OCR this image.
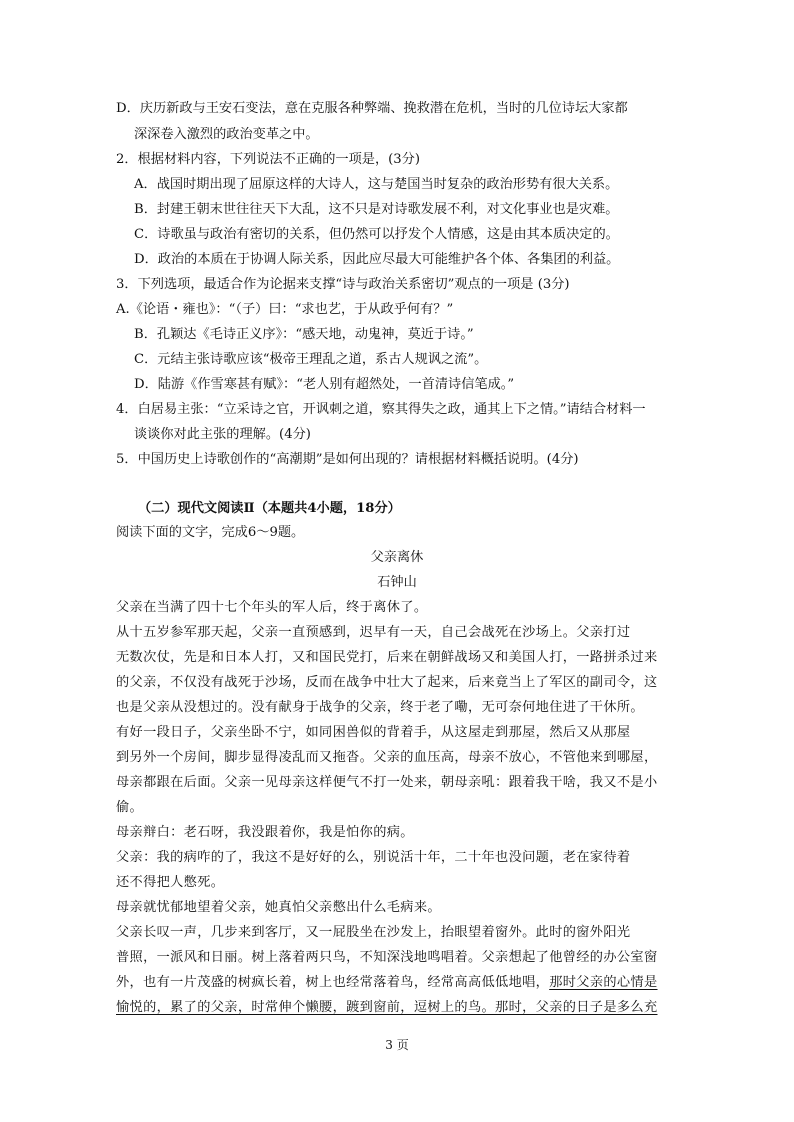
D．庆历新政与王安石变法，意在克服各种弊端、挽救潜在危机，当时的几位诗坛大家都
深深卷入激烈的政治变革之中。
2．根据材料内容，下列说法不正确的一项是，(3分)
A．战国时期出现了屈原这样的大诗人，这与楚国当时复杂的政治形势有很大关系。
B．封建王朝末世往往天下大乱，这不只是对诗歌发展不利，对文化事业也是灾难。
C．诗歌虽与政治有密切的关系，但仍然可以抒发个人情感，这是由其本质决定的。
D．政治的本质在于协调人际关系，因此应尽最大可能维护各个体、各集团的利益。
3．下列选项，最适合作为论据来支撑“诗与政治关系密切”观点的一项是 (3分)
A.《论语・雍也》：“（子）曰：“求也艺，于从政乎何有？”
B．孔颖达《毛诗正义序》：“感天地，动鬼神，莫近于诗。”
C．元结主张诗歌应该“极帝王理乱之道，系古人规讽之流”。
D．陆游《作雪寒甚有赋》：“老人别有超然处，一首清诗信笔成。”
4．白居易主张：“立采诗之官，开讽刺之道，察其得失之政，通其上下之情。”请结合材料一
谈谈你对此主张的理解。(4分)
5．中国历史上诗歌创作的“高潮期”是如何出现的？请根据材料概括说明。(4分)
（二）现代文阅读Ⅱ（本题共4小题，18分）
阅读下面的文字，完成6～9题。
父亲离休
石钟山
父亲在当满了四十七个年头的军人后，终于离休了。
从十五岁参军那天起，父亲一直预感到，迟早有一天，自己会战死在沙场上。父亲打过
无数次仗，先是和日本人打，又和国民党打，后来在朝鲜战场又和美国人打，一路拼杀过来
的父亲，不仅没有战死于沙场，反而在战争中壮大了起来，后来竟当上了军区的副司令，这
也是父亲从没想过的。没有献身于战争的父亲，终于老了嘞，无可奈何地住进了干休所。
有好一段日子，父亲坐卧不宁，如同困兽似的背着手，从这屋走到那屋，然后又从那屋
到另外一个房间，脚步显得凌乱而又拖沓。父亲的血压高，母亲不放心，不管他来到哪屋，
母亲都跟在后面。父亲一见母亲这样便气不打一处来，朝母亲吼：跟着我干啥，我又不是小
偷。
母亲辩白：老石呀，我没跟着你，我是怕你的病。
父亲：我的病咋的了，我这不是好好的么，别说活十年，二十年也没问题，老在家待着
还不得把人憋死。
母亲就忧郁地望着父亲，她真怕父亲憋出什么毛病来。
父亲长叹一声，几步来到客厅，又一屁股坐在沙发上，抬眼望着窗外。此时的窗外阳光
普照，一派风和日丽。树上落着两只鸟，不知深浅地鸣唱着。父亲想起了他曾经的办公室窗
外，也有一片茂盛的树疯长着，树上也经常落着鸟，经常高高低低地唱，那时父亲的心情是
愉悦的，累了的父亲，时常伸个懒腰，踱到窗前，逗树上的鸟。那时，父亲的日子是多么充
3 页
